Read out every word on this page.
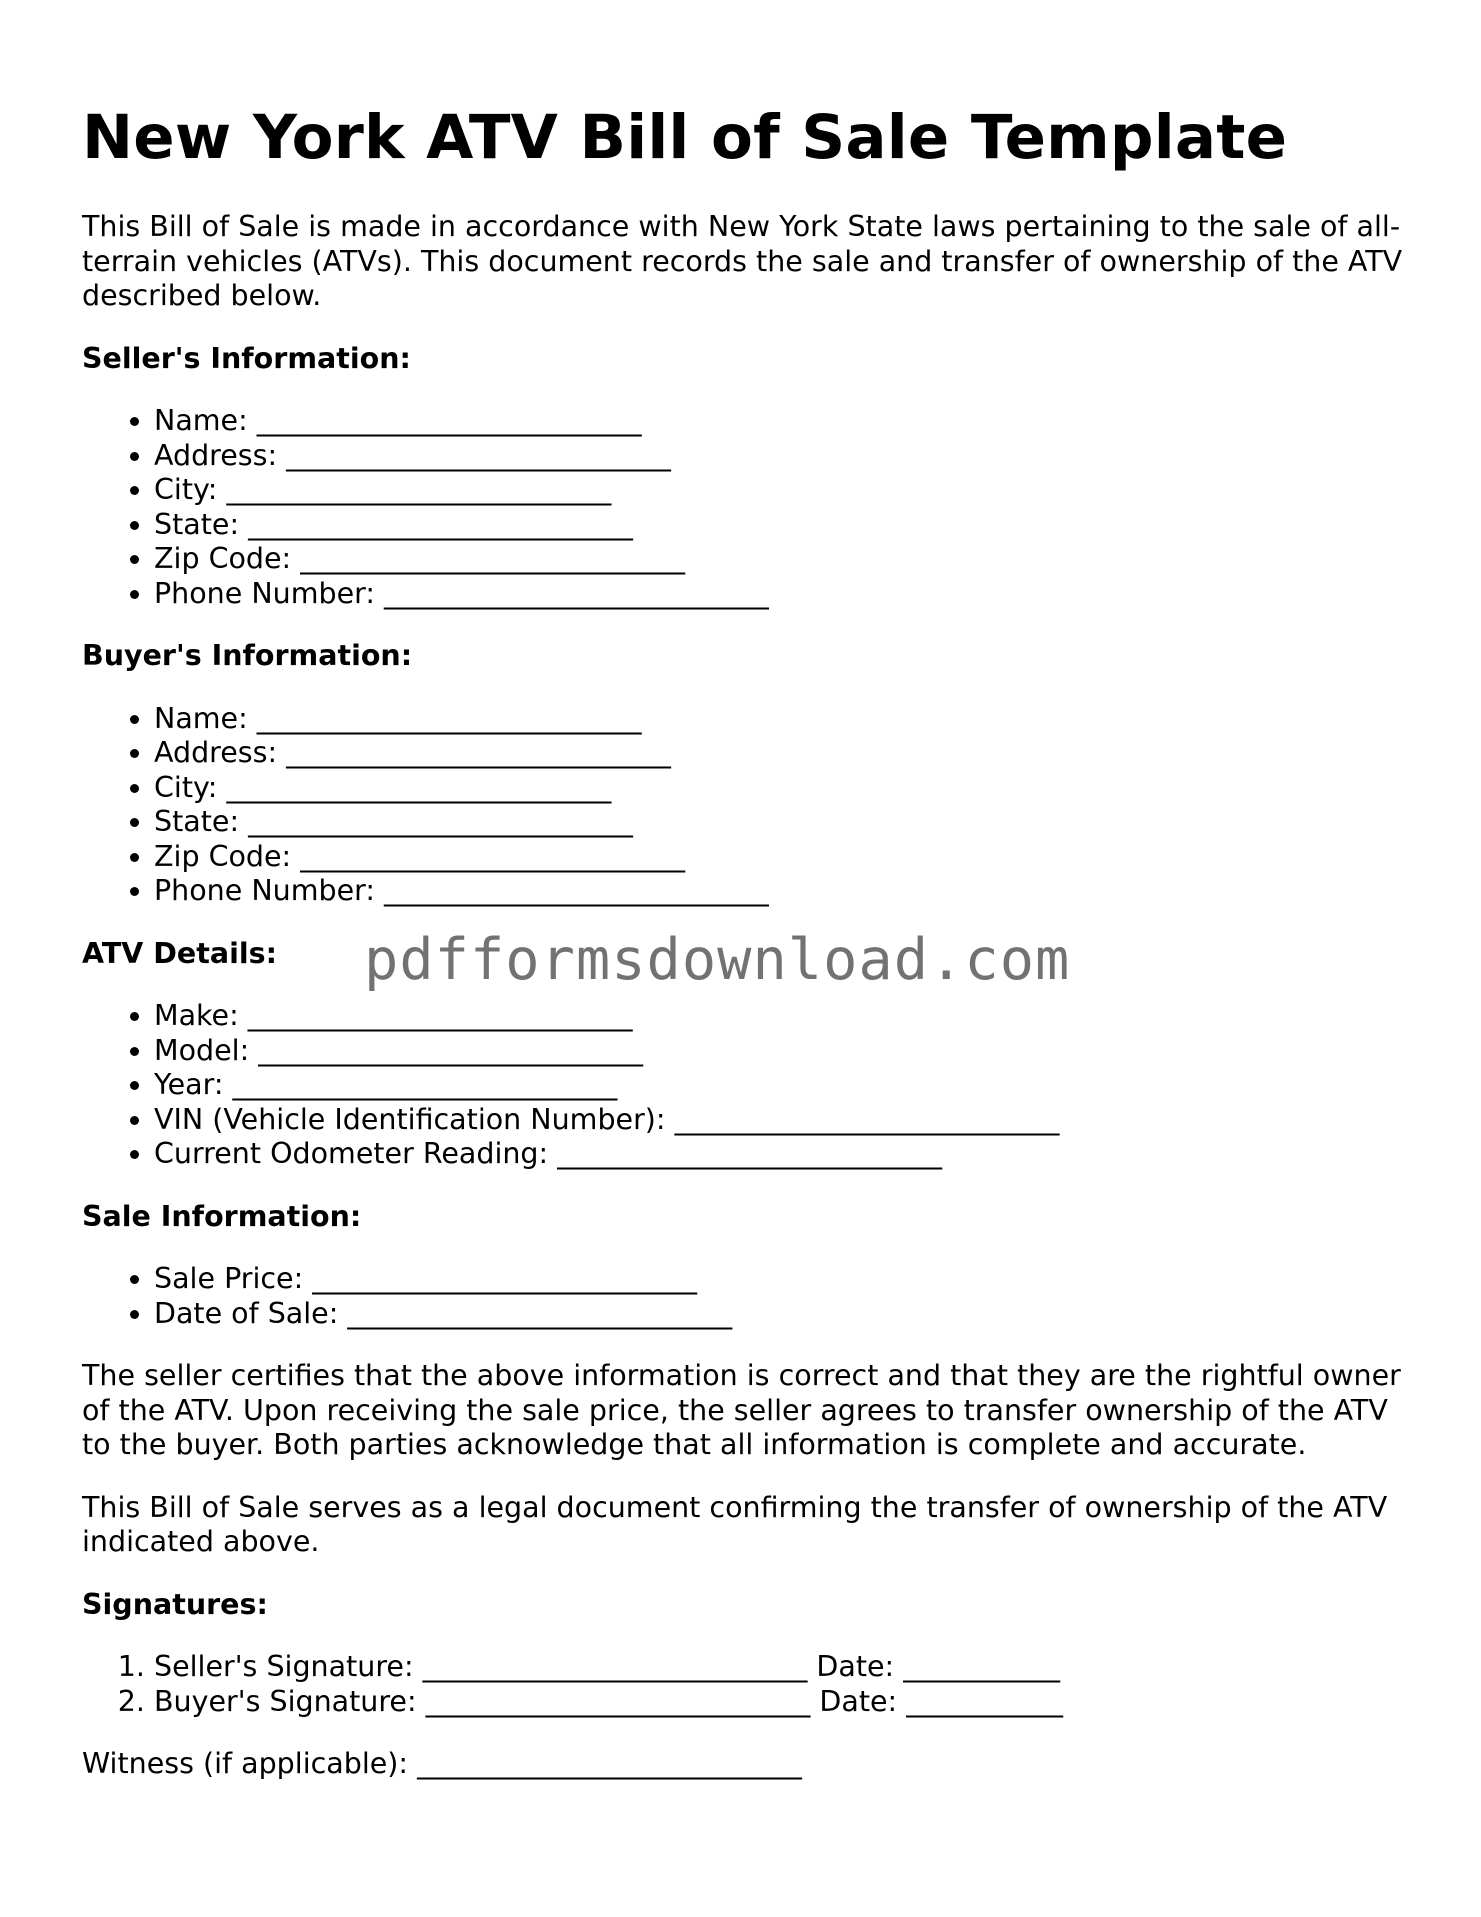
New York ATV Bill of Sale Template

This Bill of Sale is made in accordance with New York State laws pertaining to the sale of all-terrain vehicles (ATVs). This document records the sale and transfer of ownership of the ATV described below.

Seller's Information:
• Name: ___________________________
• Address: ___________________________
• City: ___________________________
• State: ___________________________
• Zip Code: ___________________________
• Phone Number: ___________________________
Buyer's Information:
• Name: ___________________________
• Address: ___________________________
• City: ___________________________
• State: ___________________________
• Zip Code: ___________________________
• Phone Number: ___________________________
ATV Details:
• Make: ___________________________
• Model: ___________________________
• Year: ___________________________
• VIN (Vehicle Identification Number): ___________________________
• Current Odometer Reading: ___________________________
Sale Information:
• Sale Price: ___________________________
• Date of Sale: ___________________________

The seller certifies that the above information is correct and that they are the rightful owner of the ATV. Upon receiving the sale price, the seller agrees to transfer ownership of the ATV to the buyer. Both parties acknowledge that all information is complete and accurate.

This Bill of Sale serves as a legal document confirming the transfer of ownership of the ATV indicated above.

Signatures:
1. Seller's Signature: ___________________________ Date: ___________
2. Buyer's Signature: ___________________________ Date: ___________

Witness (if applicable): ___________________________

pdfformsdownload.com
